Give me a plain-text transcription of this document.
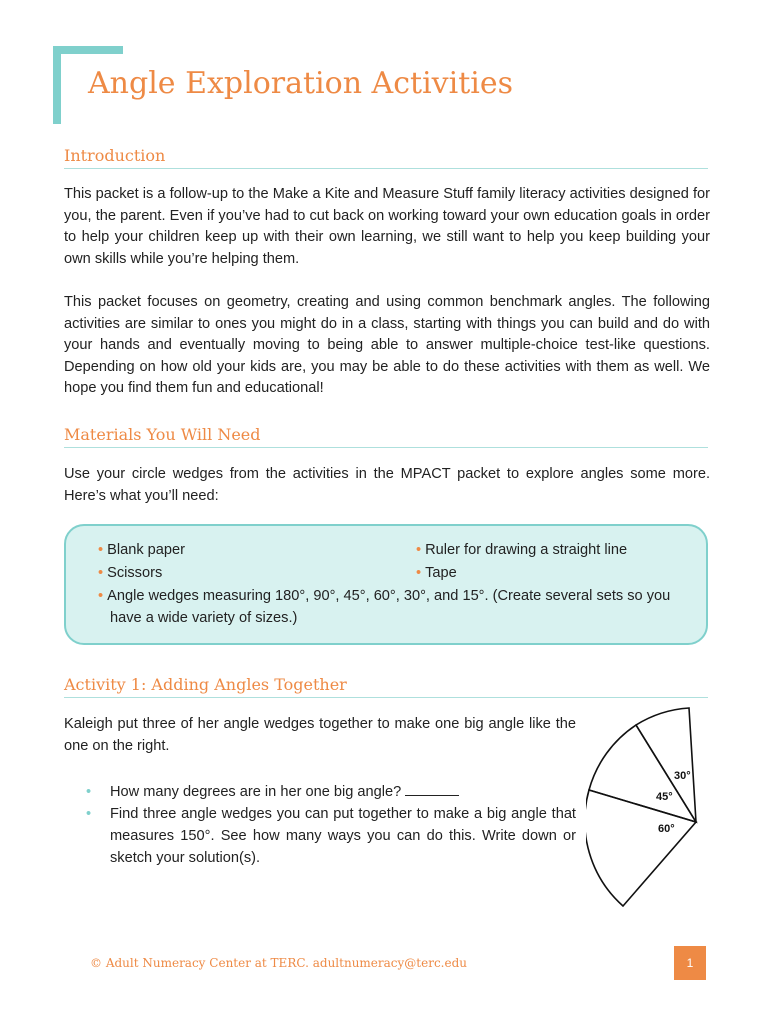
Angle Exploration Activities
Introduction

This packet is a follow-up to the Make a Kite and Measure Stuff family literacy activities designed for you, the parent. Even if you’ve had to cut back on working toward your own education goals in order to help your children keep up with their own learning, we still want to help you keep building your own skills while you’re helping them.

This packet focuses on geometry, creating and using common benchmark angles. The following activities are similar to ones you might do in a class, starting with things you can build and do with your hands and eventually moving to being able to answer multiple-choice test-like questions. Depending on how old your kids are, you may be able to do these activities with them as well. We hope you find them fun and educational!

Materials You Will Need

Use your circle wedges from the activities in the MPACT packet to explore angles some more. Here’s what you’ll need:

• Blank paper	• Ruler for drawing a straight line

• Scissors	• Tape

• Angle wedges measuring 180°, 90°, 45°, 60°, 30°, and 15°. (Create several sets so you have a wide variety of sizes.)

Activity 1: Adding Angles Together

Kaleigh put three of her angle wedges together to make one big angle like the one on the right.

• How many degrees are in her one big angle?
• Find three angle wedges you can put together to make a big angle that measures 150°. See how many ways you can do this. Write down or sketch your solution(s).
30°
45°
60°

© Adult Numeracy Center at TERC. adultnumeracy@terc.edu	1
